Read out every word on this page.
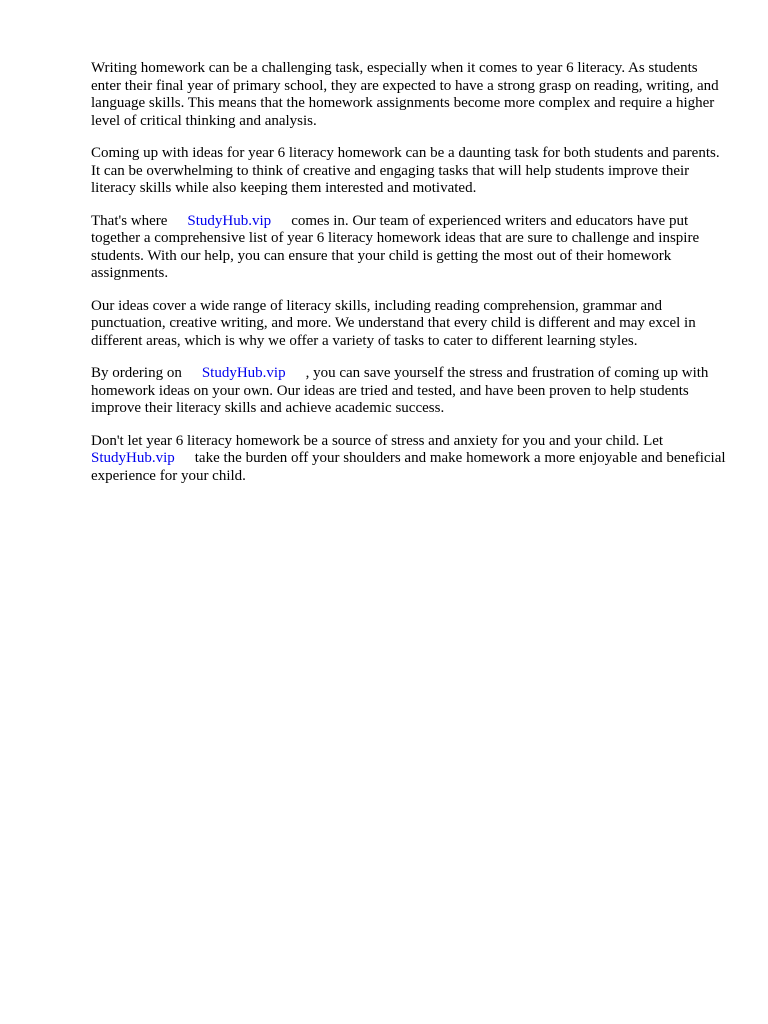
Writing homework can be a challenging task, especially when it comes to year 6 literacy. As students enter their final year of primary school, they are expected to have a strong grasp on reading, writing, and language skills. This means that the homework assignments become more complex and require a higher level of critical thinking and analysis.

Coming up with ideas for year 6 literacy homework can be a daunting task for both students and parents. It can be overwhelming to think of creative and engaging tasks that will help students improve their literacy skills while also keeping them interested and motivated.

That's where StudyHub.vip comes in. Our team of experienced writers and educators have put together a comprehensive list of year 6 literacy homework ideas that are sure to challenge and inspire students. With our help, you can ensure that your child is getting the most out of their homework assignments.

Our ideas cover a wide range of literacy skills, including reading comprehension, grammar and punctuation, creative writing, and more. We understand that every child is different and may excel in different areas, which is why we offer a variety of tasks to cater to different learning styles.

By ordering on StudyHub.vip , you can save yourself the stress and frustration of coming up with homework ideas on your own. Our ideas are tried and tested, and have been proven to help students improve their literacy skills and achieve academic success.

Don't let year 6 literacy homework be a source of stress and anxiety for you and your child. Let
StudyHub.vip take the burden off your shoulders and make homework a more enjoyable and beneficial experience for your child.
